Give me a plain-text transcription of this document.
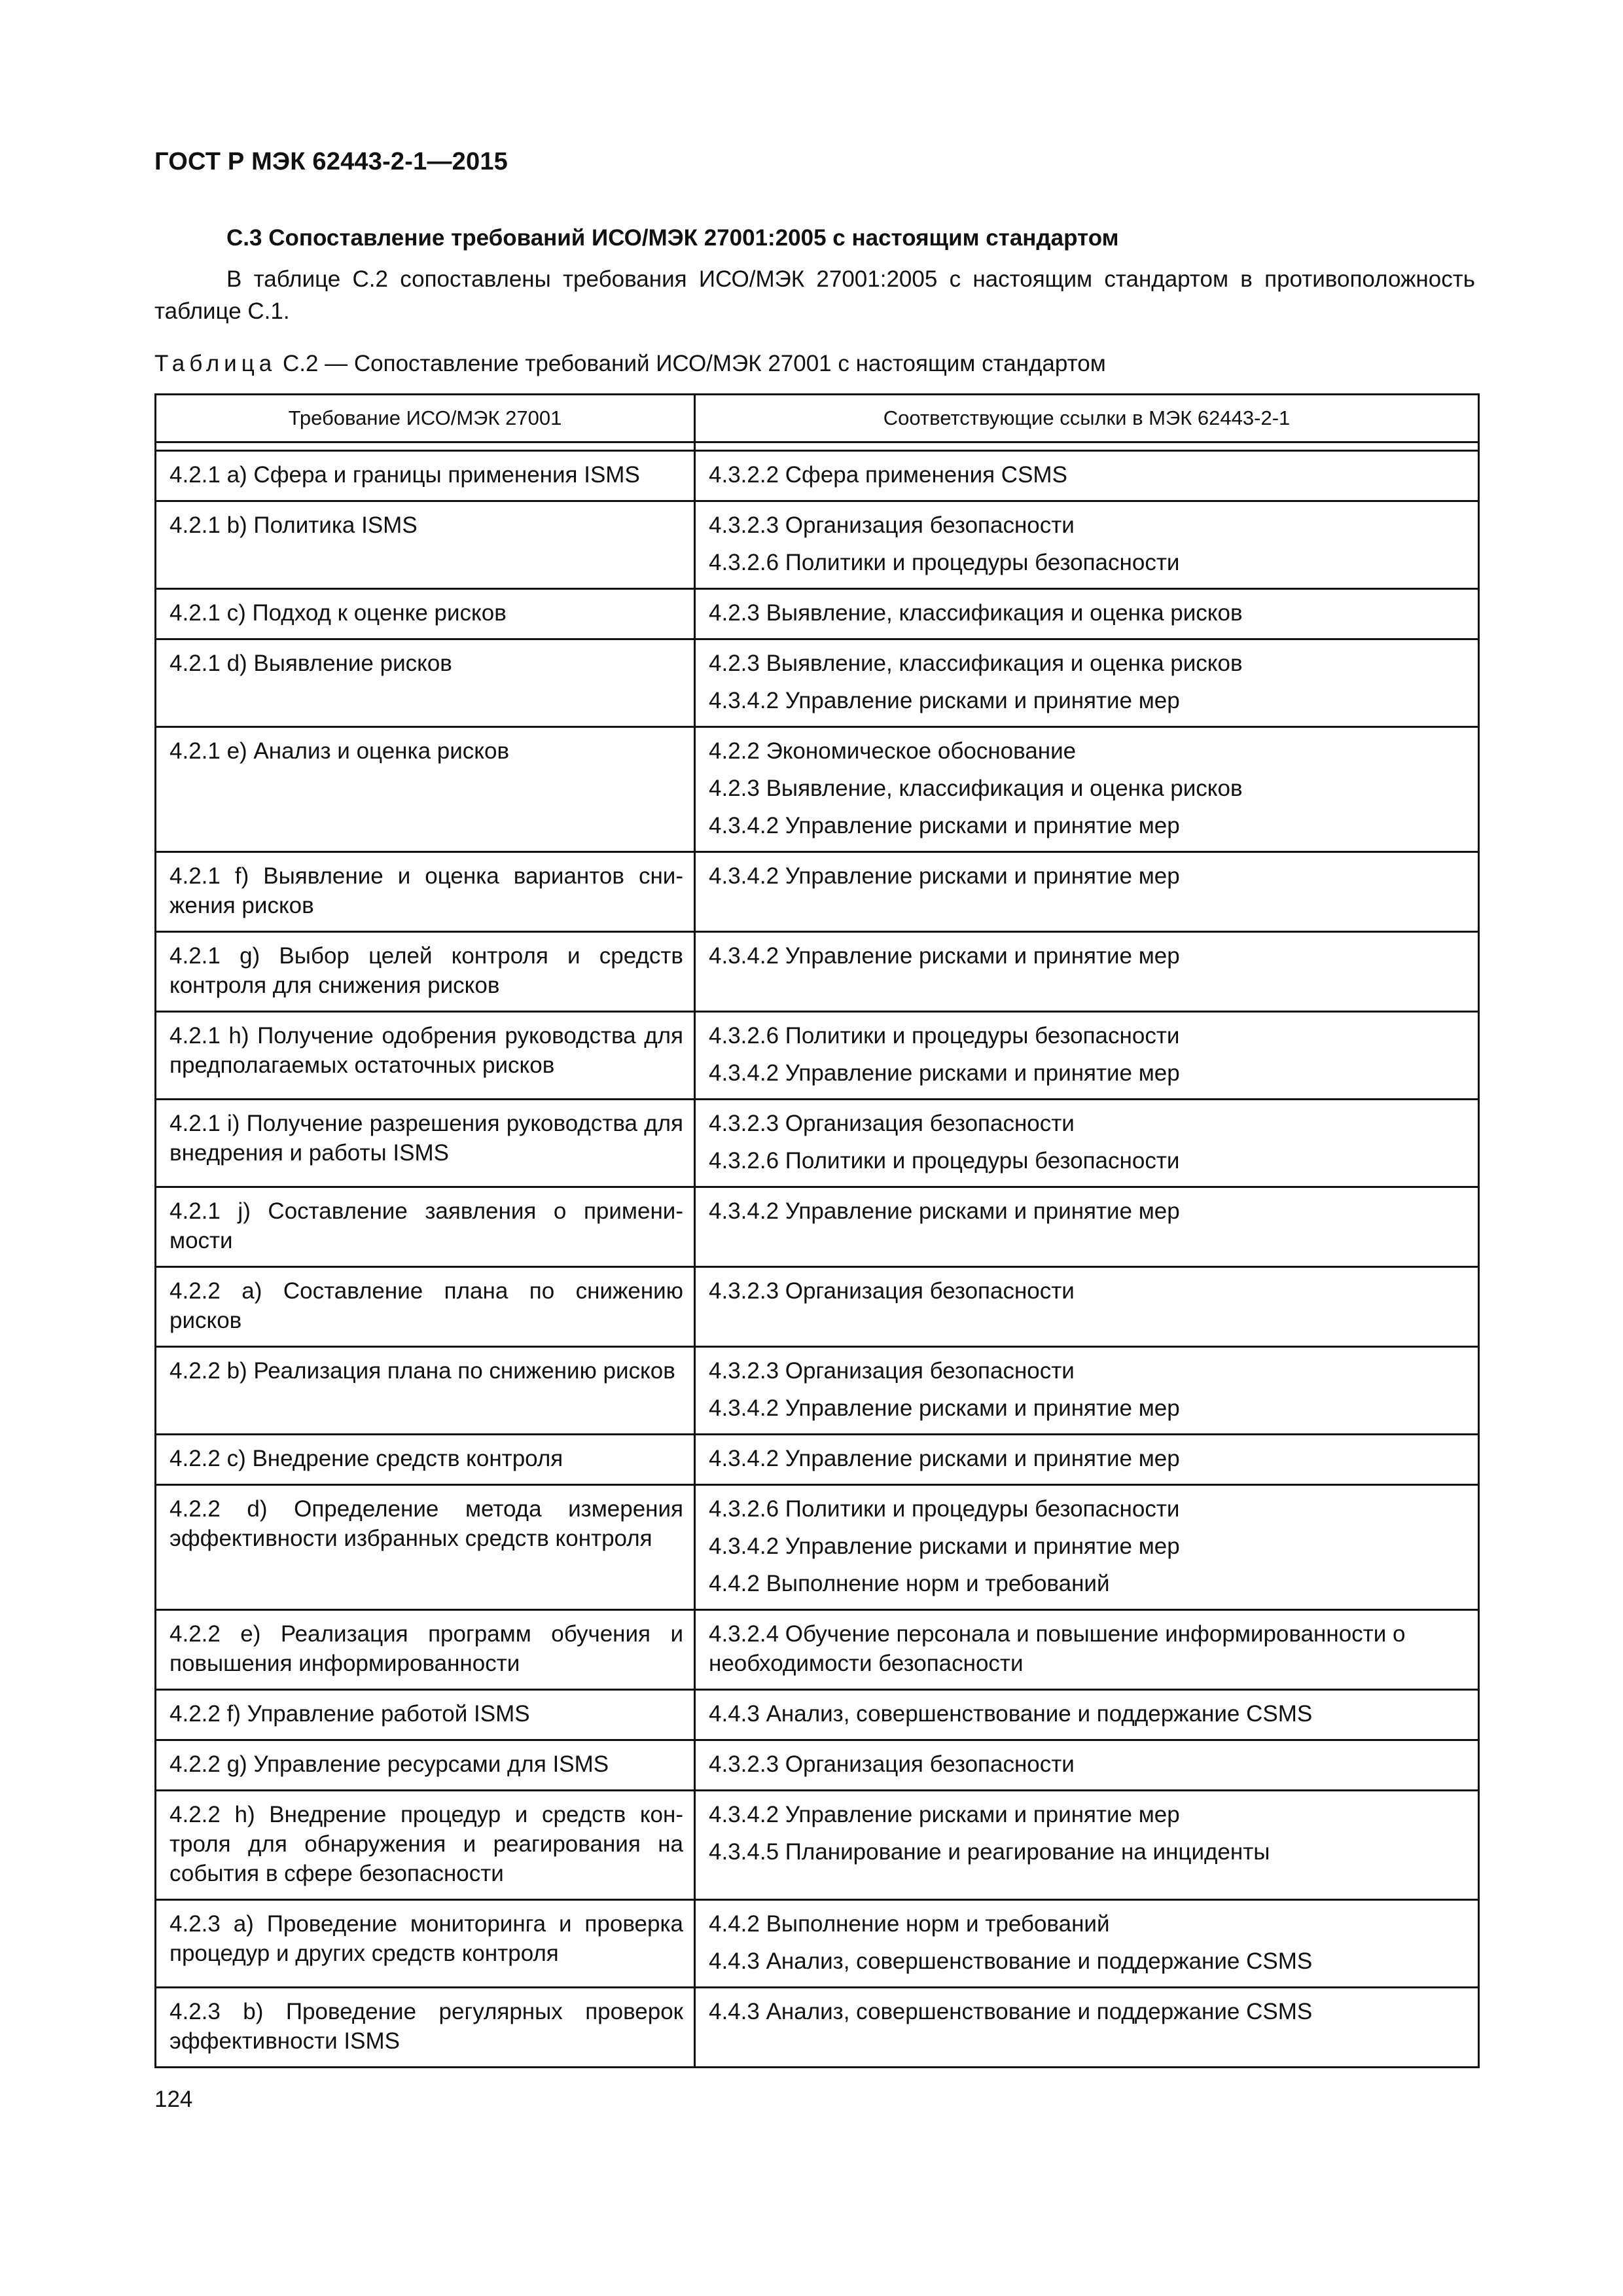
ГОСТ Р МЭК 62443-2-1—2015
С.3 Сопоставление требований ИСО/МЭК 27001:2005 с настоящим стандартом
В таблице С.2 сопоставлены требования ИСО/МЭК 27001:2005 с настоящим стандартом в противоположность таблице С.1.
Таблица С.2 — Сопоставление требований ИСО/МЭК 27001 с настоящим стандартом
Требование ИСО/МЭК 27001	Соответствующие ссылки в МЭК 62443-2-1

4.2.1 а) Сфера и границы применения ISMS	4.3.2.2 Сфера применения CSMS

4.2.1 b) Политика ISMS	4.3.2.3 Организация безопасности
4.3.2.6 Политики и процедуры безопасности

4.2.1 c) Подход к оценке рисков	4.2.3 Выявление, классификация и оценка рисков

4.2.1 d) Выявление рисков	4.2.3 Выявление, классификация и оценка рисков
4.3.4.2 Управление рисками и принятие мер

4.2.1 e) Анализ и оценка рисков	4.2.2 Экономическое обоснование
4.2.3 Выявление, классификация и оценка рисков
4.3.4.2 Управление рисками и принятие мер

4.2.1 f) Выявление и оценка вариантов снижения рисков	4.3.4.2 Управление рисками и принятие мер

4.2.1 g) Выбор целей контроля и средств контроля для снижения рисков	4.3.4.2 Управление рисками и принятие мер

4.2.1 h) Получение одобрения руководства для предполагаемых остаточных рисков	4.3.2.6 Политики и процедуры безопасности
4.3.4.2 Управление рисками и принятие мер

4.2.1 i) Получение разрешения руководства для внедрения и работы ISMS	4.3.2.3 Организация безопасности
4.3.2.6 Политики и процедуры безопасности

4.2.1 j) Составление заявления о применимости	4.3.4.2 Управление рисками и принятие мер

4.2.2 a) Составление плана по снижению рисков	4.3.2.3 Организация безопасности

4.2.2 b) Реализация плана по снижению рисков	4.3.2.3 Организация безопасности
4.3.4.2 Управление рисками и принятие мер

4.2.2 c) Внедрение средств контроля	4.3.4.2 Управление рисками и принятие мер

4.2.2 d) Определение метода измерения эффективности избранных средств контроля	4.3.2.6 Политики и процедуры безопасности
4.3.4.2 Управление рисками и принятие мер
4.4.2 Выполнение норм и требований

4.2.2 e) Реализация программ обучения и повышения информированности	4.3.2.4 Обучение персонала и повышение информированности о необходимости безопасности

4.2.2 f) Управление работой ISMS	4.4.3 Анализ, совершенствование и поддержание CSMS

4.2.2 g) Управление ресурсами для ISMS	4.3.2.3 Организация безопасности

4.2.2 h) Внедрение процедур и средств контроля для обнаружения и реагирования на события в сфере безопасности	4.3.4.2 Управление рисками и принятие мер
4.3.4.5 Планирование и реагирование на инциденты

4.2.3 a) Проведение мониторинга и проверка процедур и других средств контроля	4.4.2 Выполнение норм и требований
4.4.3 Анализ, совершенствование и поддержание CSMS

4.2.3 b) Проведение регулярных проверок эффективности ISMS	4.4.3 Анализ, совершенствование и поддержание CSMS
124
